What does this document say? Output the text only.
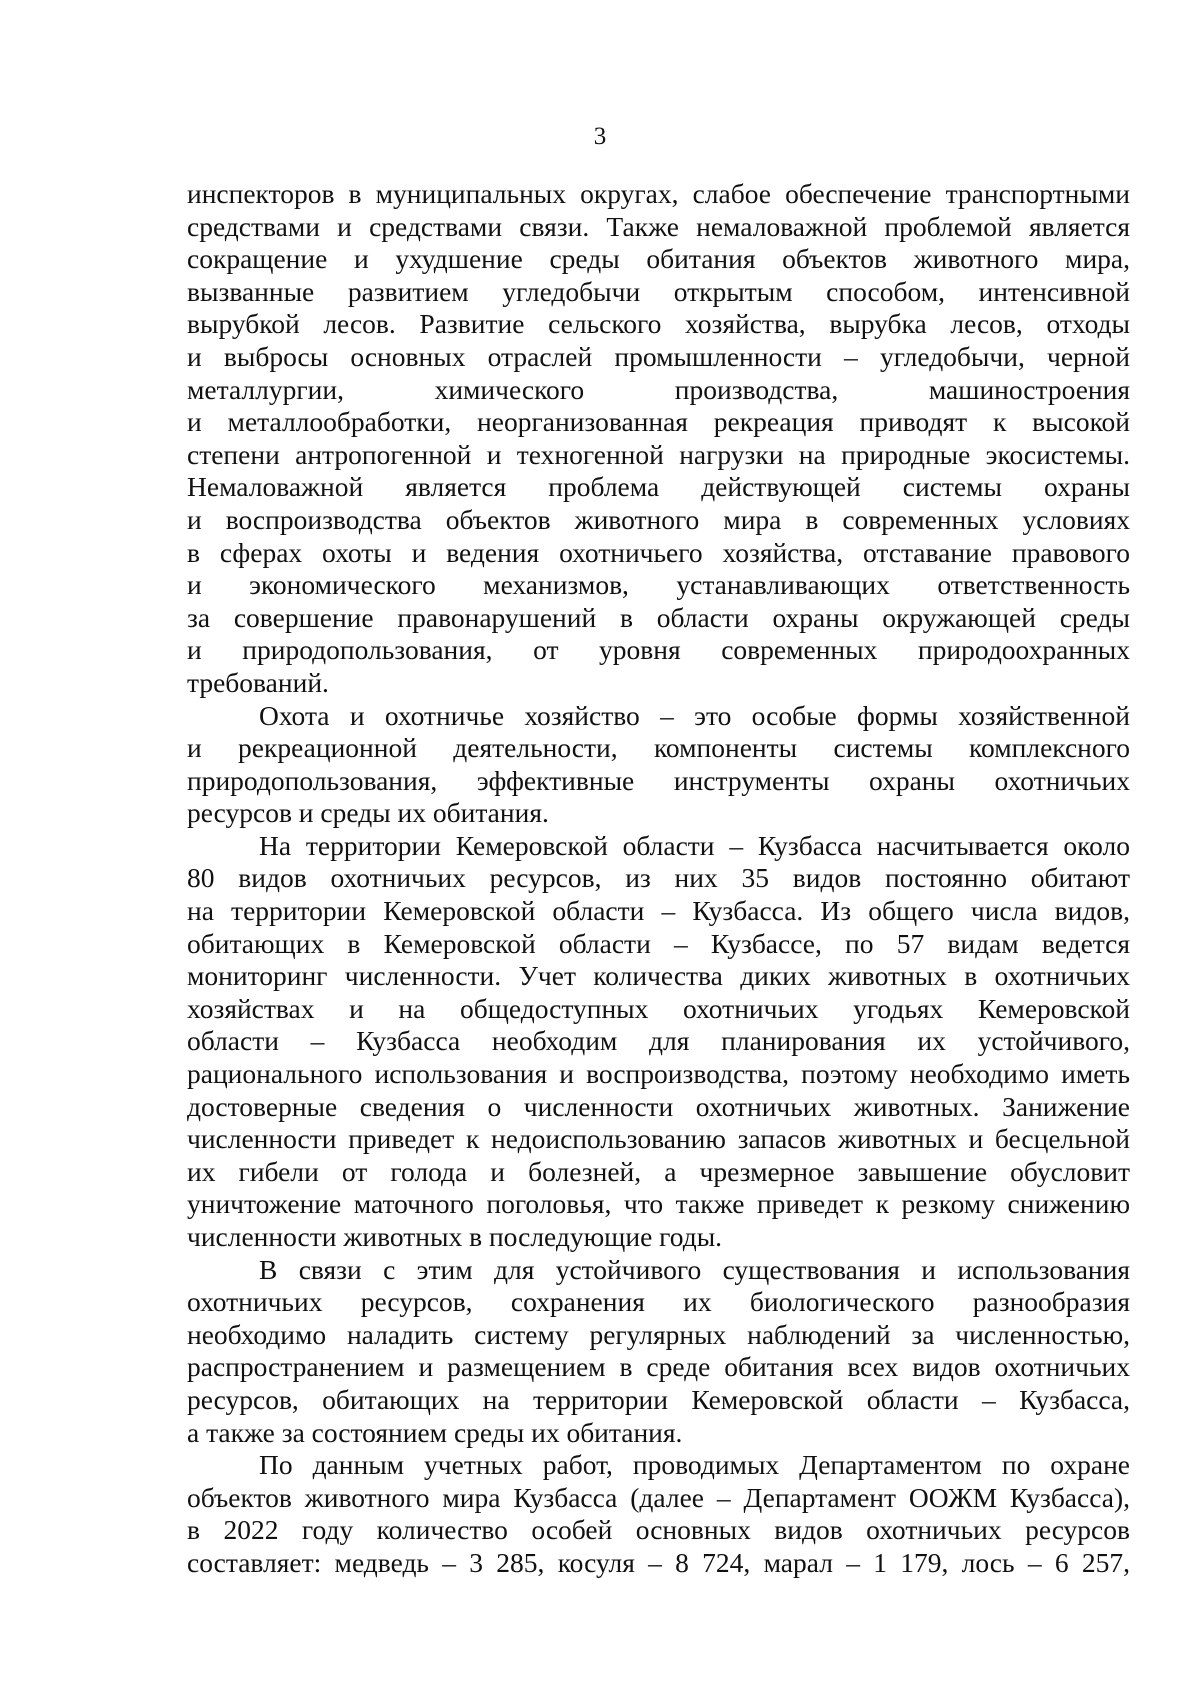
3
инспекторов в муниципальных округах, слабое обеспечение транспортными
средствами и средствами связи. Также немаловажной проблемой является
сокращение и ухудшение среды обитания объектов животного мира,
вызванные развитием угледобычи открытым способом, интенсивной
вырубкой лесов. Развитие сельского хозяйства, вырубка лесов, отходы
и выбросы основных отраслей промышленности – угледобычи, черной
металлургии, химического производства, машиностроения
и металлообработки, неорганизованная рекреация приводят к высокой
степени антропогенной и техногенной нагрузки на природные экосистемы.
Немаловажной является проблема действующей системы охраны
и воспроизводства объектов животного мира в современных условиях
в сферах охоты и ведения охотничьего хозяйства, отставание правового
и экономического механизмов, устанавливающих ответственность
за совершение правонарушений в области охраны окружающей среды
и природопользования, от уровня современных природоохранных
требований.
Охота и охотничье хозяйство – это особые формы хозяйственной
и рекреационной деятельности, компоненты системы комплексного
природопользования, эффективные инструменты охраны охотничьих
ресурсов и среды их обитания.
На территории Кемеровской области – Кузбасса насчитывается около
80 видов охотничьих ресурсов, из них 35 видов постоянно обитают
на территории Кемеровской области – Кузбасса. Из общего числа видов,
обитающих в Кемеровской области – Кузбассе, по 57 видам ведется
мониторинг численности. Учет количества диких животных в охотничьих
хозяйствах и на общедоступных охотничьих угодьях Кемеровской
области – Кузбасса необходим для планирования их устойчивого,
рационального использования и воспроизводства, поэтому необходимо иметь
достоверные сведения о численности охотничьих животных. Занижение
численности приведет к недоиспользованию запасов животных и бесцельной
их гибели от голода и болезней, а чрезмерное завышение обусловит
уничтожение маточного поголовья, что также приведет к резкому снижению
численности животных в последующие годы.
В связи с этим для устойчивого существования и использования
охотничьих ресурсов, сохранения их биологического разнообразия
необходимо наладить систему регулярных наблюдений за численностью,
распространением и размещением в среде обитания всех видов охотничьих
ресурсов, обитающих на территории Кемеровской области – Кузбасса,
а также за состоянием среды их обитания.
По данным учетных работ, проводимых Департаментом по охране
объектов животного мира Кузбасса (далее – Департамент ООЖМ Кузбасса),
в 2022 году количество особей основных видов охотничьих ресурсов
составляет: медведь – 3 285, косуля – 8 724, марал – 1 179, лось – 6 257,
